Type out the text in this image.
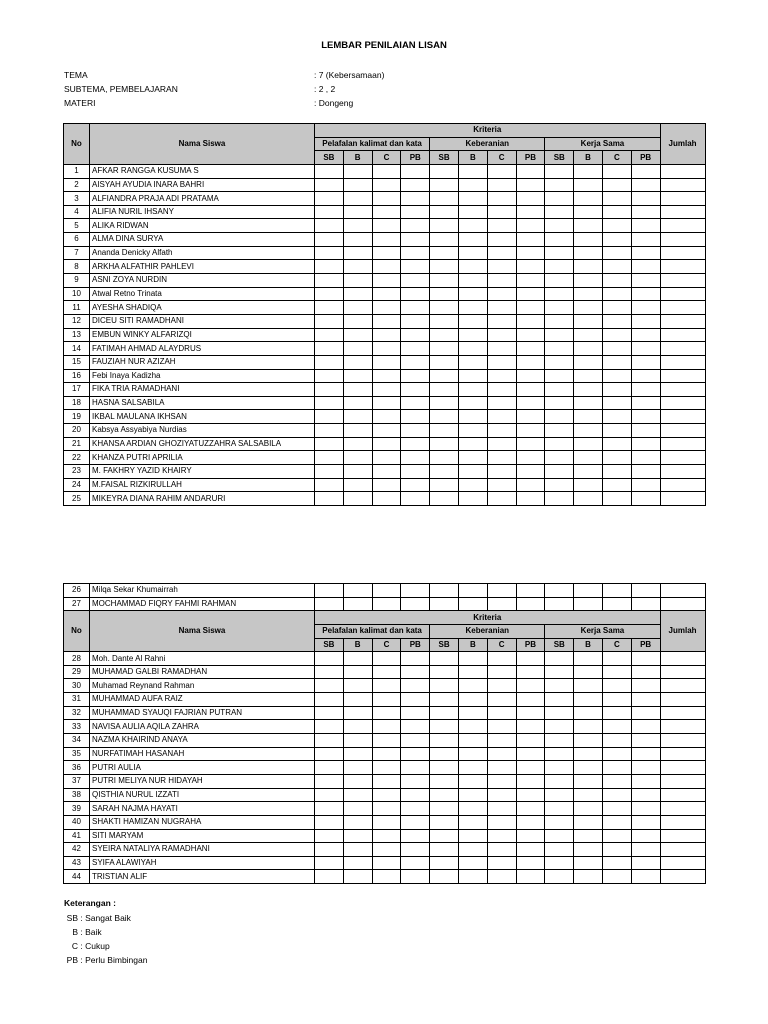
LEMBAR PENILAIAN LISAN
TEMA	: 7 (Kebersamaan)
SUBTEMA, PEMBELAJARAN	: 2 , 2
MATERI	: Dongeng
No	Nama Siswa	Kriteria												Jumlah
		Pelafalan kalimat dan kata				Keberanian				Kerja Sama				
		SB	B	C	PB	SB	B	C	PB	SB	B	C	PB	
1	AFKAR RANGGA KUSUMA S													
2	AISYAH AYUDIA INARA BAHRI													
3	ALFIANDRA PRAJA ADI PRATAMA													
4	ALIFIA NURIL IHSANY													
5	ALIKA RIDWAN													
6	ALMA DINA SURYA													
7	Ananda Denicky Alfath													
8	ARKHA ALFATHIR PAHLEVI													
9	ASNI ZOYA NURDIN													
10	Atwal Retno Trinata													
11	AYESHA SHADIQA													
12	DICEU SITI RAMADHANI													
13	EMBUN WINKY ALFARIZQI													
14	FATIMAH AHMAD ALAYDRUS													
15	FAUZIAH NUR AZIZAH													
16	Febi Inaya Kadizha													
17	FIKA TRIA RAMADHANI													
18	HASNA SALSABILA													
19	IKBAL MAULANA IKHSAN													
20	Kabsya Assyabiya Nurdias													
21	KHANSA ARDIAN GHOZIYATUZZAHRA SALSABILA													
22	KHANZA PUTRI APRILIA													
23	M. FAKHRY YAZID KHAIRY													
24	M.FAISAL RIZKIRULLAH													
25	MIKEYRA DIANA RAHIM ANDARURI													
26	Milqa Sekar Khumairrah													
27	MOCHAMMAD FIQRY FAHMI RAHMAN													
No	Nama Siswa	Kriteria												Jumlah
		Pelafalan kalimat dan kata				Keberanian				Kerja Sama				
		SB	B	C	PB	SB	B	C	PB	SB	B	C	PB	
28	Moh. Dante Al Rahni													
29	MUHAMAD GALBI RAMADHAN													
30	Muhamad Reynand Rahman													
31	MUHAMMAD AUFA RAIZ													
32	MUHAMMAD SYAUQI FAJRIAN PUTRAN													
33	NAVISA AULIA AQILA ZAHRA													
34	NAZMA KHAIRIND ANAYA													
35	NURFATIMAH HASANAH													
36	PUTRI AULIA													
37	PUTRI MELIYA NUR HIDAYAH													
38	QISTHIA NURUL IZZATI													
39	SARAH NAJMA HAYATI													
40	SHAKTI HAMIZAN NUGRAHA													
41	SITI MARYAM													
42	SYEIRA NATALIYA RAMADHANI													
43	SYIFA ALAWIYAH													
44	TRISTIAN ALIF													
Keterangan :
SB : Sangat Baik
B : Baik
C : Cukup
PB : Perlu Bimbingan
